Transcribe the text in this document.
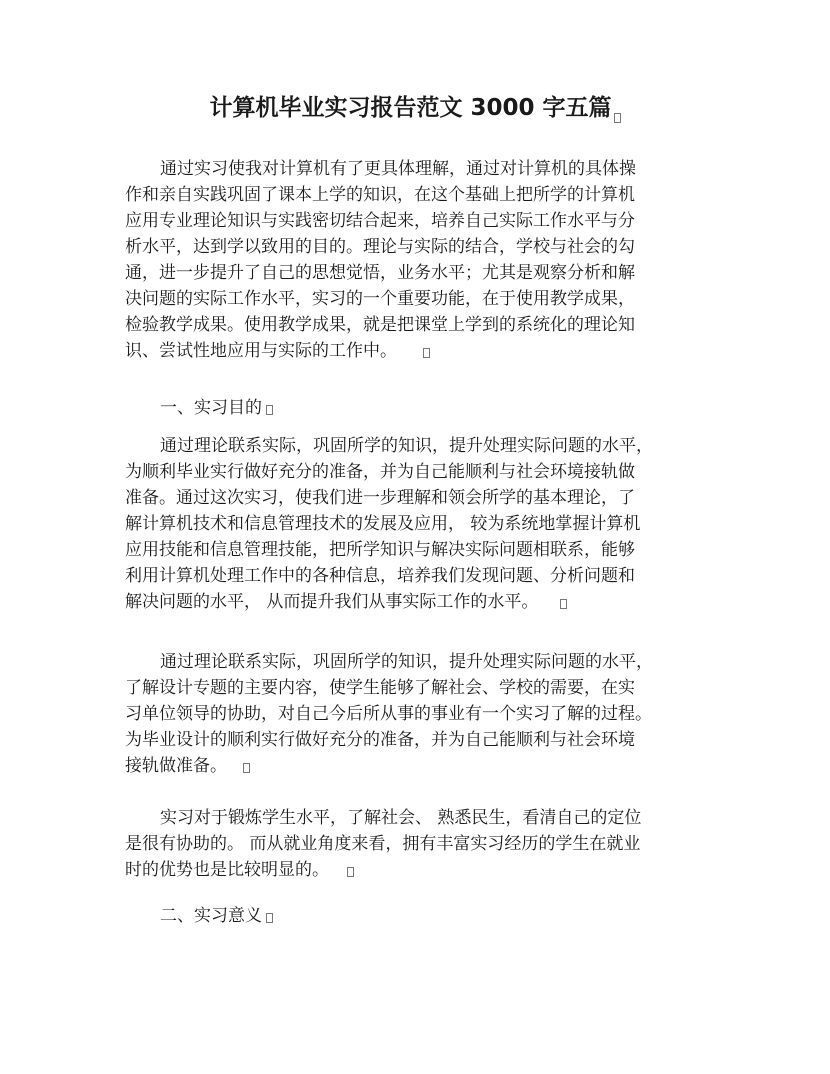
计算机毕业实习报告范文 3000 字五篇
通过实习使我对计算机有了更具体理解，通过对计算机的具体操
作和亲自实践巩固了课本上学的知识，在这个基础上把所学的计算机
应用专业理论知识与实践密切结合起来，培养自己实际工作水平与分
析水平，达到学以致用的目的。理论与实际的结合，学校与社会的勾
通，进一步提升了自己的思想觉悟，业务水平；尤其是观察分析和解
决问题的实际工作水平，实习的一个重要功能，在于使用教学成果，
检验教学成果。使用教学成果，就是把课堂上学到的系统化的理论知
识、尝试性地应用与实际的工作中。
一、实习目的
通过理论联系实际，巩固所学的知识，提升处理实际问题的水平，
为顺利毕业实行做好充分的准备，并为自己能顺利与社会环境接轨做
准备。通过这次实习，使我们进一步理解和领会所学的基本理论，了
解计算机技术和信息管理技术的发展及应用， 较为系统地掌握计算机
应用技能和信息管理技能，把所学知识与解决实际问题相联系，能够
利用计算机处理工作中的各种信息，培养我们发现问题、分析问题和
解决问题的水平， 从而提升我们从事实际工作的水平。
通过理论联系实际，巩固所学的知识，提升处理实际问题的水平，
了解设计专题的主要内容，使学生能够了解社会、学校的需要，在实
习单位领导的协助，对自己今后所从事的事业有一个实习了解的过程。
为毕业设计的顺利实行做好充分的准备，并为自己能顺利与社会环境
接轨做准备。
实习对于锻炼学生水平，了解社会、 熟悉民生，看清自己的定位
是很有协助的。 而从就业角度来看，拥有丰富实习经历的学生在就业
时的优势也是比较明显的。
二、实习意义
